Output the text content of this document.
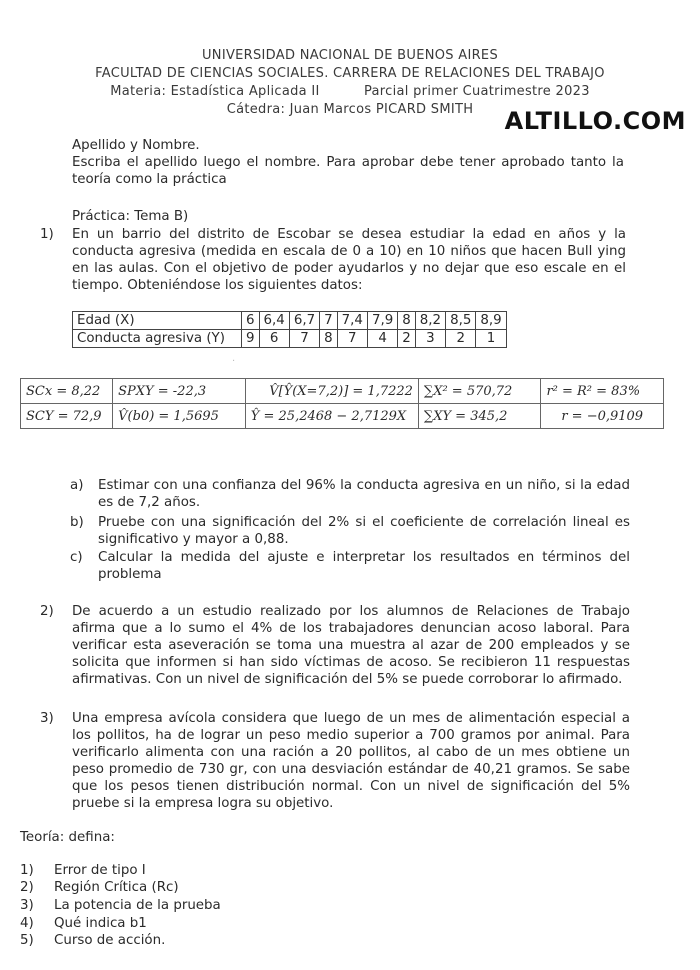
UNIVERSIDAD NACIONAL DE BUENOS AIRES
FACULTAD DE CIENCIAS SOCIALES. CARRERA DE RELACIONES DEL TRABAJO
Materia: Estadística Aplicada II          Parcial primer Cuatrimestre 2023
Cátedra: Juan Marcos PICARD SMITH	ALTILLO.COM
Apellido y Nombre.
Escriba el apellido luego el nombre. Para aprobar debe tener aprobado tanto la teoría como la práctica
Práctica: Tema B)
1) En un barrio del distrito de Escobar se desea estudiar la edad en años y la conducta agresiva (medida en escala de 0 a 10) en 10 niños que hacen Bull ying en las aulas. Con el objetivo de poder ayudarlos y no dejar que eso escale en el tiempo. Obteniéndose los siguientes datos:
Edad (X)	6	6,4	6,7	7	7,4	7,9	8	8,2	8,5	8,9
Conducta agresiva (Y)	9	6	7	8	7	4	2	3	2	1
·
SCx = 8,22	SPXY = -22,3	V̂[Ŷ(X=7,2)] = 1,7222	∑X² = 570,72	r² = R² = 83%
SCY = 72,9	V̂(b0) = 1,5695	Ŷ = 25,2468 − 2,7129X	∑XY = 345,2	r = −0,9109
a) Estimar con una confianza del 96% la conducta agresiva en un niño, si la edad es de 7,2 años.
b) Pruebe con una significación del 2% si el coeficiente de correlación lineal es significativo y mayor a 0,88.
c) Calcular la medida del ajuste e interpretar los resultados en términos del problema
2) De acuerdo a un estudio realizado por los alumnos de Relaciones de Trabajo afirma que a lo sumo el 4% de los trabajadores denuncian acoso laboral. Para verificar esta aseveración se toma una muestra al azar de 200 empleados y se solicita que informen si han sido víctimas de acoso. Se recibieron 11 respuestas afirmativas. Con un nivel de significación del 5% se puede corroborar lo afirmado.
3) Una empresa avícola considera que luego de un mes de alimentación especial a los pollitos, ha de lograr un peso medio superior a 700 gramos por animal. Para verificarlo alimenta con una ración a 20 pollitos, al cabo de un mes obtiene un peso promedio de 730 gr, con una desviación estándar de 40,21 gramos. Se sabe que los pesos tienen distribución normal. Con un nivel de significación del 5% pruebe si la empresa logra su objetivo.
Teoría: defina:
1) Error de tipo I
2) Región Crítica (Rc)
3) La potencia de la prueba
4) Qué indica b1
5) Curso de acción.
